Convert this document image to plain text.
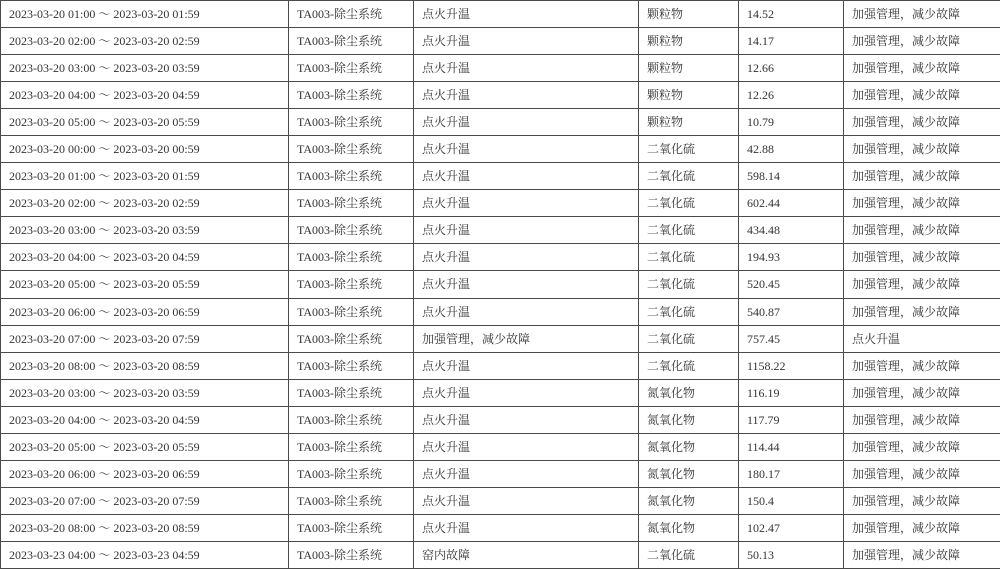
2023-03-20 01:00 ～ 2023-03-20 01:59	TA003-除尘系统	点火升温	颗粒物	14.52	加强管理，减少故障
2023-03-20 02:00 ～ 2023-03-20 02:59	TA003-除尘系统	点火升温	颗粒物	14.17	加强管理，减少故障
2023-03-20 03:00 ～ 2023-03-20 03:59	TA003-除尘系统	点火升温	颗粒物	12.66	加强管理，减少故障
2023-03-20 04:00 ～ 2023-03-20 04:59	TA003-除尘系统	点火升温	颗粒物	12.26	加强管理，减少故障
2023-03-20 05:00 ～ 2023-03-20 05:59	TA003-除尘系统	点火升温	颗粒物	10.79	加强管理，减少故障
2023-03-20 00:00 ～ 2023-03-20 00:59	TA003-除尘系统	点火升温	二氧化硫	42.88	加强管理，减少故障
2023-03-20 01:00 ～ 2023-03-20 01:59	TA003-除尘系统	点火升温	二氧化硫	598.14	加强管理，减少故障
2023-03-20 02:00 ～ 2023-03-20 02:59	TA003-除尘系统	点火升温	二氧化硫	602.44	加强管理，减少故障
2023-03-20 03:00 ～ 2023-03-20 03:59	TA003-除尘系统	点火升温	二氧化硫	434.48	加强管理，减少故障
2023-03-20 04:00 ～ 2023-03-20 04:59	TA003-除尘系统	点火升温	二氧化硫	194.93	加强管理，减少故障
2023-03-20 05:00 ～ 2023-03-20 05:59	TA003-除尘系统	点火升温	二氧化硫	520.45	加强管理，减少故障
2023-03-20 06:00 ～ 2023-03-20 06:59	TA003-除尘系统	点火升温	二氧化硫	540.87	加强管理，减少故障
2023-03-20 07:00 ～ 2023-03-20 07:59	TA003-除尘系统	加强管理，减少故障	二氧化硫	757.45	点火升温
2023-03-20 08:00 ～ 2023-03-20 08:59	TA003-除尘系统	点火升温	二氧化硫	1158.22	加强管理，减少故障
2023-03-20 03:00 ～ 2023-03-20 03:59	TA003-除尘系统	点火升温	氮氧化物	116.19	加强管理，减少故障
2023-03-20 04:00 ～ 2023-03-20 04:59	TA003-除尘系统	点火升温	氮氧化物	117.79	加强管理，减少故障
2023-03-20 05:00 ～ 2023-03-20 05:59	TA003-除尘系统	点火升温	氮氧化物	114.44	加强管理，减少故障
2023-03-20 06:00 ～ 2023-03-20 06:59	TA003-除尘系统	点火升温	氮氧化物	180.17	加强管理，减少故障
2023-03-20 07:00 ～ 2023-03-20 07:59	TA003-除尘系统	点火升温	氮氧化物	150.4	加强管理，减少故障
2023-03-20 08:00 ～ 2023-03-20 08:59	TA003-除尘系统	点火升温	氮氧化物	102.47	加强管理，减少故障
2023-03-23 04:00 ～ 2023-03-23 04:59	TA003-除尘系统	窑内故障	二氧化硫	50.13	加强管理，减少故障
